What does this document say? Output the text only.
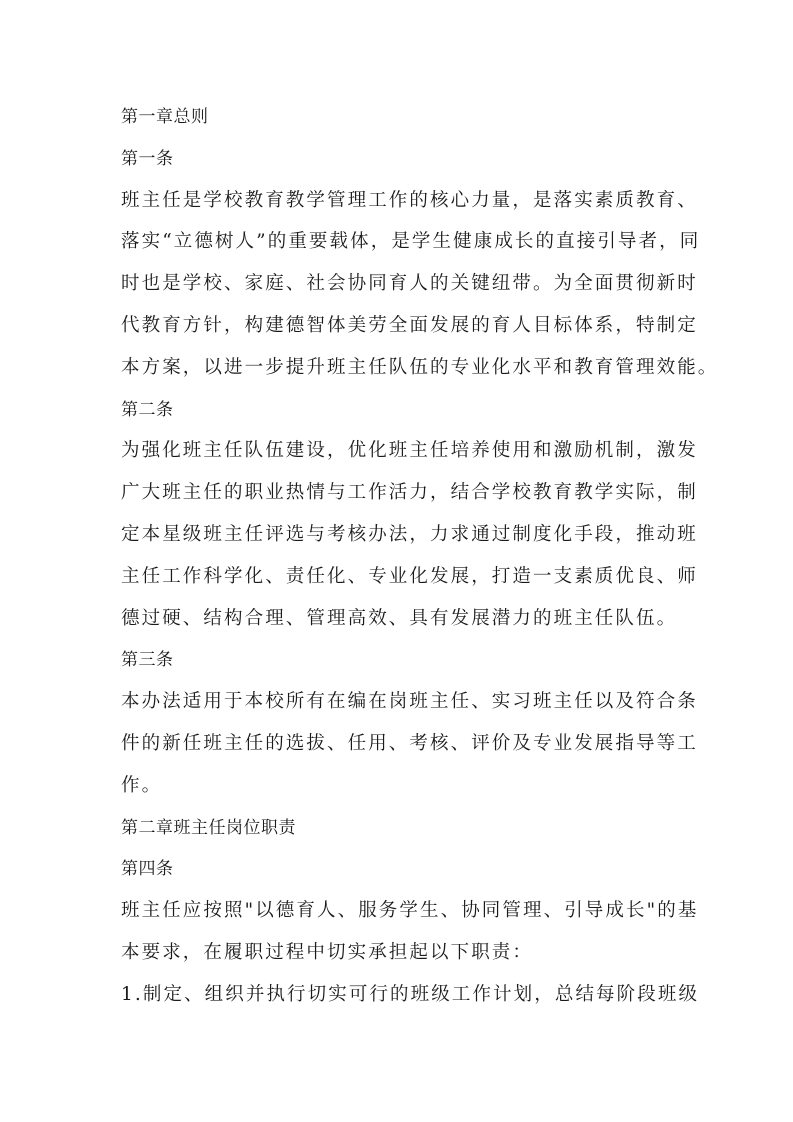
第一章总则
第一条
班主任是学校教育教学管理工作的核心力量，是落实素质教育、
落实“立德树人”的重要载体，是学生健康成长的直接引导者，同
时也是学校、家庭、社会协同育人的关键纽带。为全面贯彻新时
代教育方针，构建德智体美劳全面发展的育人目标体系，特制定
本方案，以进一步提升班主任队伍的专业化水平和教育管理效能。
第二条
为强化班主任队伍建设，优化班主任培养使用和激励机制，激发
广大班主任的职业热情与工作活力，结合学校教育教学实际，制
定本星级班主任评选与考核办法，力求通过制度化手段，推动班
主任工作科学化、责任化、专业化发展，打造一支素质优良、师
德过硬、结构合理、管理高效、具有发展潜力的班主任队伍。
第三条
本办法适用于本校所有在编在岗班主任、实习班主任以及符合条
件的新任班主任的选拔、任用、考核、评价及专业发展指导等工
作。
第二章班主任岗位职责
第四条
班主任应按照"以德育人、服务学生、协同管理、引导成长"的基
本要求，在履职过程中切实承担起以下职责：
1.制定、组织并执行切实可行的班级工作计划，总结每阶段班级
